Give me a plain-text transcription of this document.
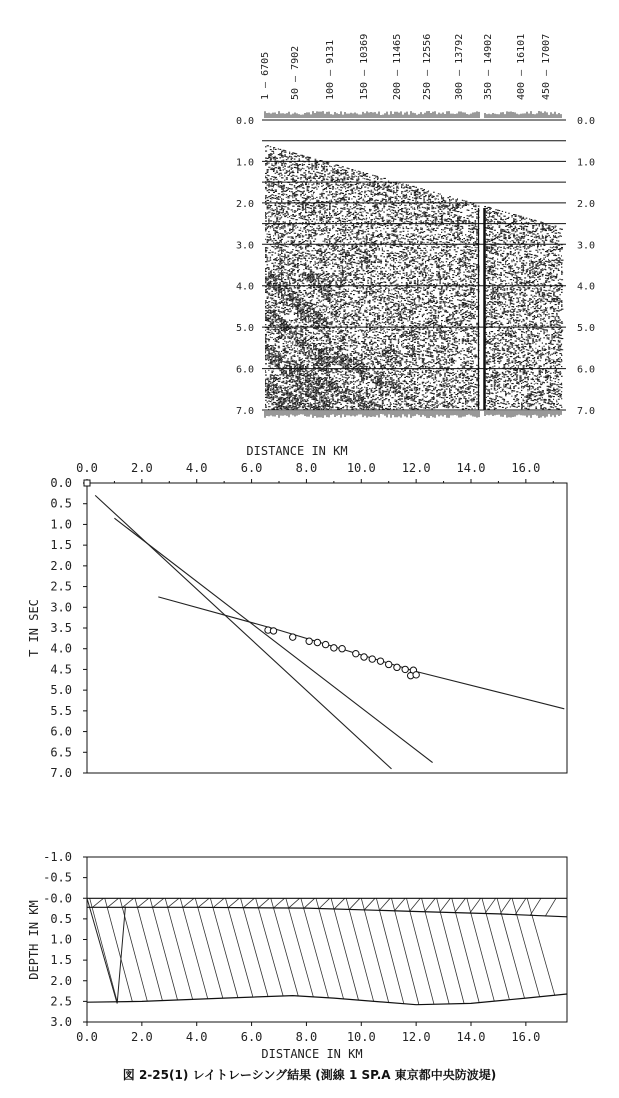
1 — 6705 50 — 7902 100 — 9131 150 — 10369 200 — 11465 250 — 12556 300 — 13792 350 — 14902 400 — 16101 450 — 17007
0.0	0.0
1.0	1.0
2.0	2.0
3.0	3.0
4.0	4.0
5.0	5.0
6.0	6.0
7.0	7.0
DISTANCE IN KM
0.0	2.0	4.0	6.0	8.0 10.0 12.0 14.0 16.0
0.0
0.5
1.0
1.5
2.0
2.5
3.0
3.5
4.0
4.5
5.0
5.5
6.0
6.5
7.0
T IN SEC
0.0	2.0	4.0	6.0	8.0 10.0 12.0 14.0 16.0
-1.0
-0.5
-0.0
0.5
1.0
1.5
2.0
2.5
3.0
DISTANCE IN KM
DEPTH IN KM
図 2-25(1) レイトレーシング結果 (測線 1 SP.A 東京都中央防波堤)
